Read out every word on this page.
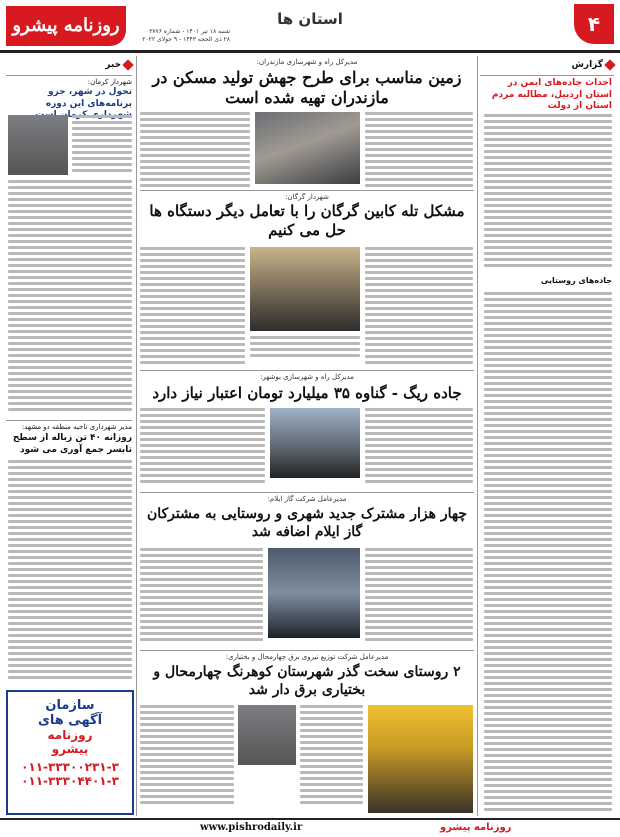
۴
استان ها
روزنامه پیشرو	شنبه ۱۸ تیر ۱۴۰۱ - شماره ۳۷۷۶
۲۸ ذی الحجه ۱۴۴۳ - ۹ جولای ۲۰۲۲
گزارش
احداث جاده‌های ایمن در استان اردبیل، مطالبه مردم استان از دولت
جاده‌های روستایی
مدیرکل راه و شهرسازی مازندران:
زمین مناسب برای طرح جهش تولید مسکن در مازندران تهیه شده است
شهردار گرگان:
مشکل تله کابین گرگان را با تعامل دیگر دستگاه ها حل می کنیم
مدیرکل راه و شهرسازی بوشهر:
جاده ریگ - گناوه ۳۵ میلیارد تومان اعتبار نیاز دارد
مدیرعامل شرکت گاز ایلام:
چهار هزار مشترک جدید شهری و روستایی به مشترکان گاز ایلام اضافه شد
مدیرعامل شرکت توزیع نیروی برق چهارمحال و بختیاری:
۲ روستای سخت گذر شهرستان کوهرنگ چهارمحال و بختیاری برق دار شد
خبر
شهردار کرمان:
تحول در شهر، جزو برنامه‌های این دوره
مدیر شهرداری ناحیه منطقه دو مشهد:
روزانه ۴۰ تن زباله از سطح تابسر جمع آوری می شود
سازمان
آگهی های
روزنامه
پیشرو
۰۱۱-۳۳۳۰۰۲۳۱-۳
۰۱۱-۳۳۳۰۴۴۰۱-۳
www.pishrodaily.ir	روزنامه پیشرو
